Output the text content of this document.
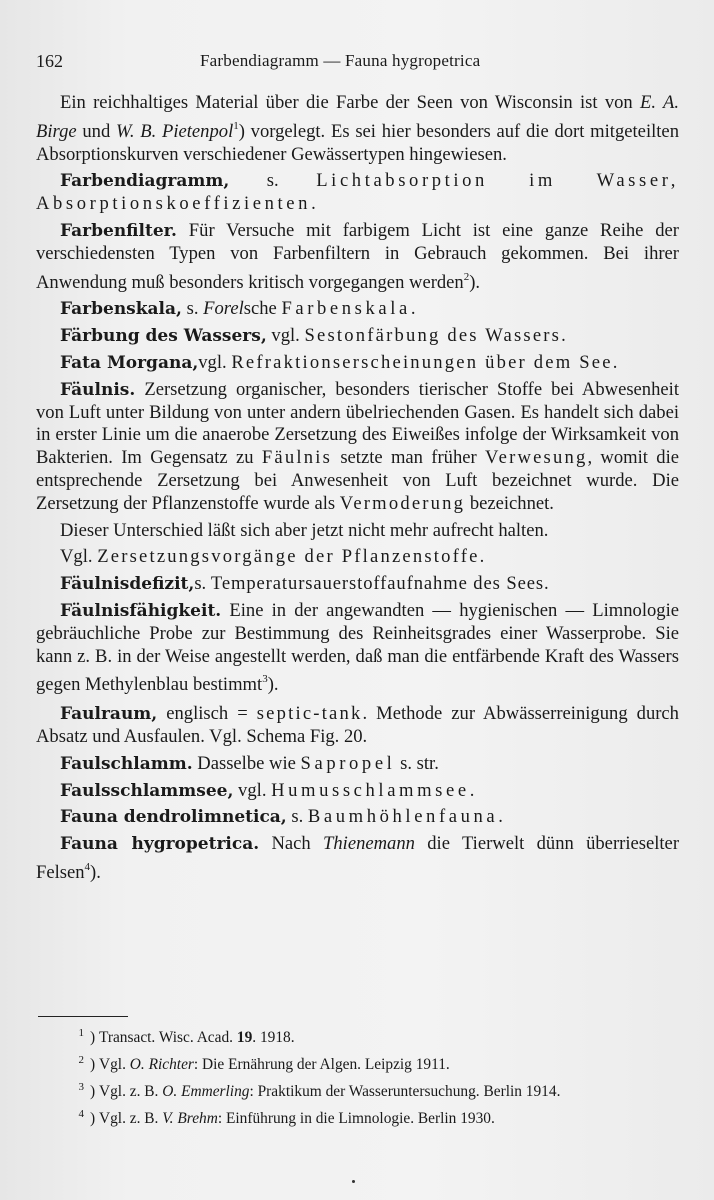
162	Farbendiagramm — Fauna hygropetrica

Ein reichhaltiges Material über die Farbe der Seen von Wisconsin ist von E. A. Birge und W. B. Pietenpol$^1$) vorgelegt. Es sei hier besonders auf die dort mitgeteilten Absorptionskurven verschiedener Gewässertypen hingewiesen.

Farbendiagramm, s. Lichtabsorption im Wasser, Absorptionskoeffizienten.

Farbenfilter. Für Versuche mit farbigem Licht ist eine ganze Reihe der verschiedensten Typen von Farbenfiltern in Gebrauch gekommen. Bei ihrer Anwendung muß besonders kritisch vorgegangen werden$^2$).

Farbenskala, s. Forelsche Farbenskala.

Färbung des Wassers, vgl. Sestonfärbung des Wassers.

Fata Morgana,vgl. Refraktionserscheinungen über dem See.

Fäulnis. Zersetzung organischer, besonders tierischer Stoffe bei Abwesenheit von Luft unter Bildung von unter andern übelriechenden Gasen. Es handelt sich dabei in erster Linie um die anaerobe Zersetzung des Eiweißes infolge der Wirksamkeit von Bakterien. Im Gegensatz zu Fäulnis setzte man früher Verwesung, womit die entsprechende Zersetzung bei Anwesenheit von Luft bezeichnet wurde. Die Zersetzung der Pflanzenstoffe wurde als Vermoderung bezeichnet.

Dieser Unterschied läßt sich aber jetzt nicht mehr aufrecht halten.

Vgl. Zersetzungsvorgänge der Pflanzenstoffe.

Fäulnisdefizit,s. Temperatursauerstoffaufnahme des Sees.

Fäulnisfähigkeit. Eine in der angewandten — hygienischen — Limnologie gebräuchliche Probe zur Bestimmung des Reinheitsgrades einer Wasserprobe. Sie kann z. B. in der Weise angestellt werden, daß man die entfärbende Kraft des Wassers gegen Methylenblau bestimmt$^3$).

Faulraum, englisch = septic-tank. Methode zur Abwässerreinigung durch Absatz und Ausfaulen. Vgl. Schema Fig. 20.

Faulschlamm. Dasselbe wie Sapropel s. str.

Faulsschlammsee, vgl. Humusschlammsee.

Fauna dendrolimnetica, s. Baumhöhlenfauna.

Fauna hygropetrica. Nach Thienemann die Tierwelt dünn überrieselter Felsen$^4$).

1 ) Transact. Wisc. Acad. 19. 1918.
2 ) Vgl. O. Richter: Die Ernährung der Algen. Leipzig 1911.
3 ) Vgl. z. B. O. Emmerling: Praktikum der Wasseruntersuchung. Berlin 1914.
4 ) Vgl. z. B. V. Brehm: Einführung in die Limnologie. Berlin 1930.
